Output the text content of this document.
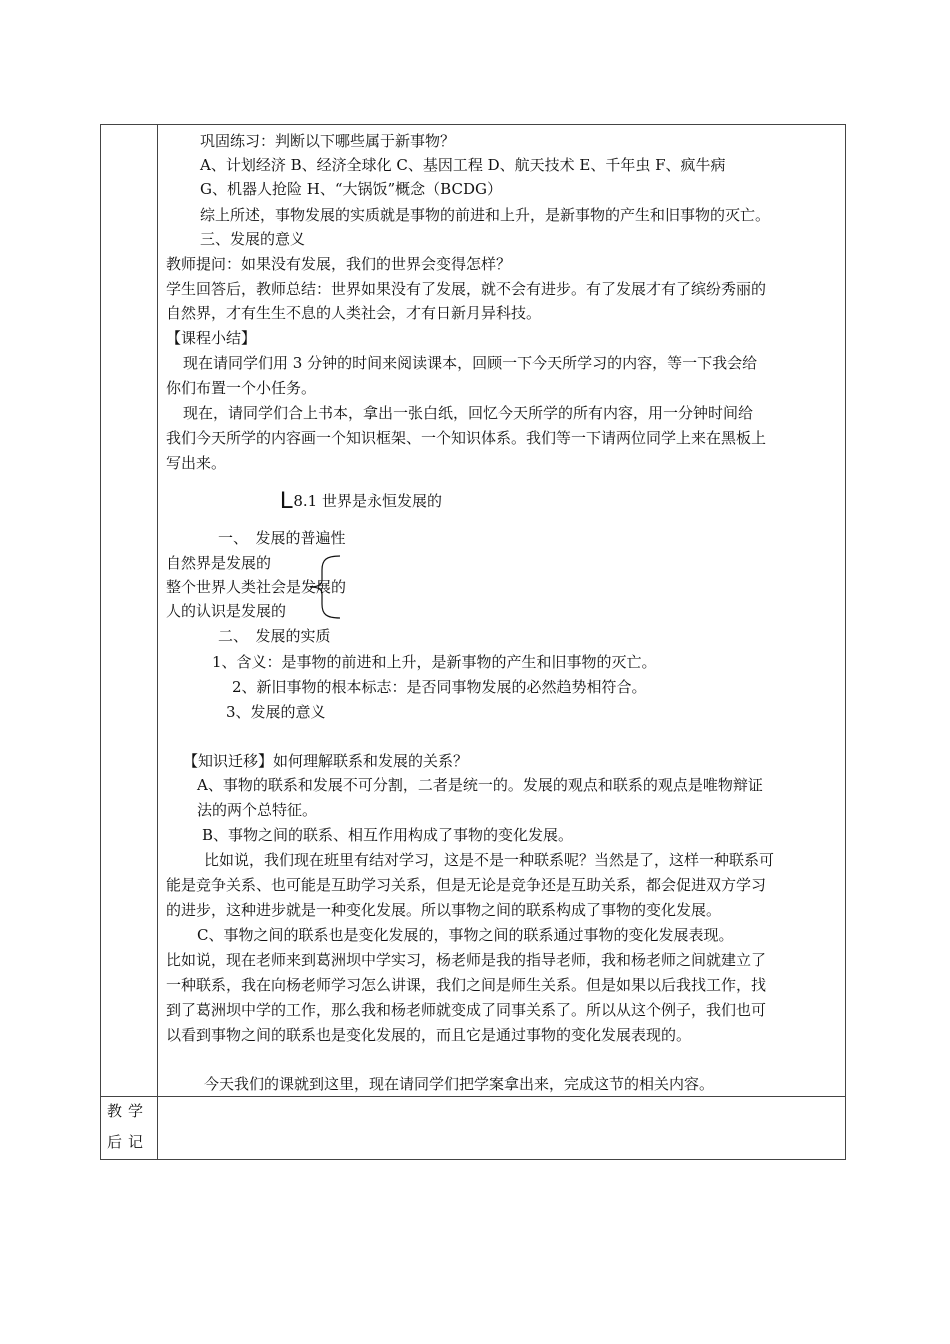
巩固练习：判断以下哪些属于新事物？
A、计划经济 B、经济全球化 C、基因工程 D、航天技术 E、千年虫 F、疯牛病
G、机器人抢险 H、“大锅饭”概念（BCDG）
综上所述，事物发展的实质就是事物的前进和上升，是新事物的产生和旧事物的灭亡。
三、发展的意义
教师提问：如果没有发展，我们的世界会变得怎样？
学生回答后，教师总结：世界如果没有了发展，就不会有进步。有了发展才有了缤纷秀丽的
自然界，才有生生不息的人类社会，才有日新月异科技。
【课程小结】
现在请同学们用 3 分钟的时间来阅读课本，回顾一下今天所学习的内容，等一下我会给
你们布置一个小任务。
现在，请同学们合上书本，拿出一张白纸，回忆今天所学的所有内容，用一分钟时间给
我们今天所学的内容画一个知识框架、一个知识体系。我们等一下请两位同学上来在黑板上
写出来。
L8.1 世界是永恒发展的
一、　发展的普遍性
自然界是发展的
整个世界人类社会是发展的
人的认识是发展的
二、　发展的实质
1、含义：是事物的前进和上升，是新事物的产生和旧事物的灭亡。
2、新旧事物的根本标志：是否同事物发展的必然趋势相符合。
3、发展的意义
【知识迁移】如何理解联系和发展的关系？
A、事物的联系和发展不可分割，二者是统一的。发展的观点和联系的观点是唯物辩证
法的两个总特征。
B、事物之间的联系、相互作用构成了事物的变化发展。
比如说，我们现在班里有结对学习，这是不是一种联系呢？当然是了，这样一种联系可
能是竞争关系、也可能是互助学习关系，但是无论是竞争还是互助关系，都会促进双方学习
的进步，这种进步就是一种变化发展。所以事物之间的联系构成了事物的变化发展。
C、事物之间的联系也是变化发展的，事物之间的联系通过事物的变化发展表现。
比如说，现在老师来到葛洲坝中学实习，杨老师是我的指导老师，我和杨老师之间就建立了
一种联系，我在向杨老师学习怎么讲课，我们之间是师生关系。但是如果以后我找工作，找
到了葛洲坝中学的工作，那么我和杨老师就变成了同事关系了。所以从这个例子，我们也可
以看到事物之间的联系也是变化发展的，而且它是通过事物的变化发展表现的。
今天我们的课就到这里，现在请同学们把学案拿出来，完成这节的相关内容。
教学
后记
